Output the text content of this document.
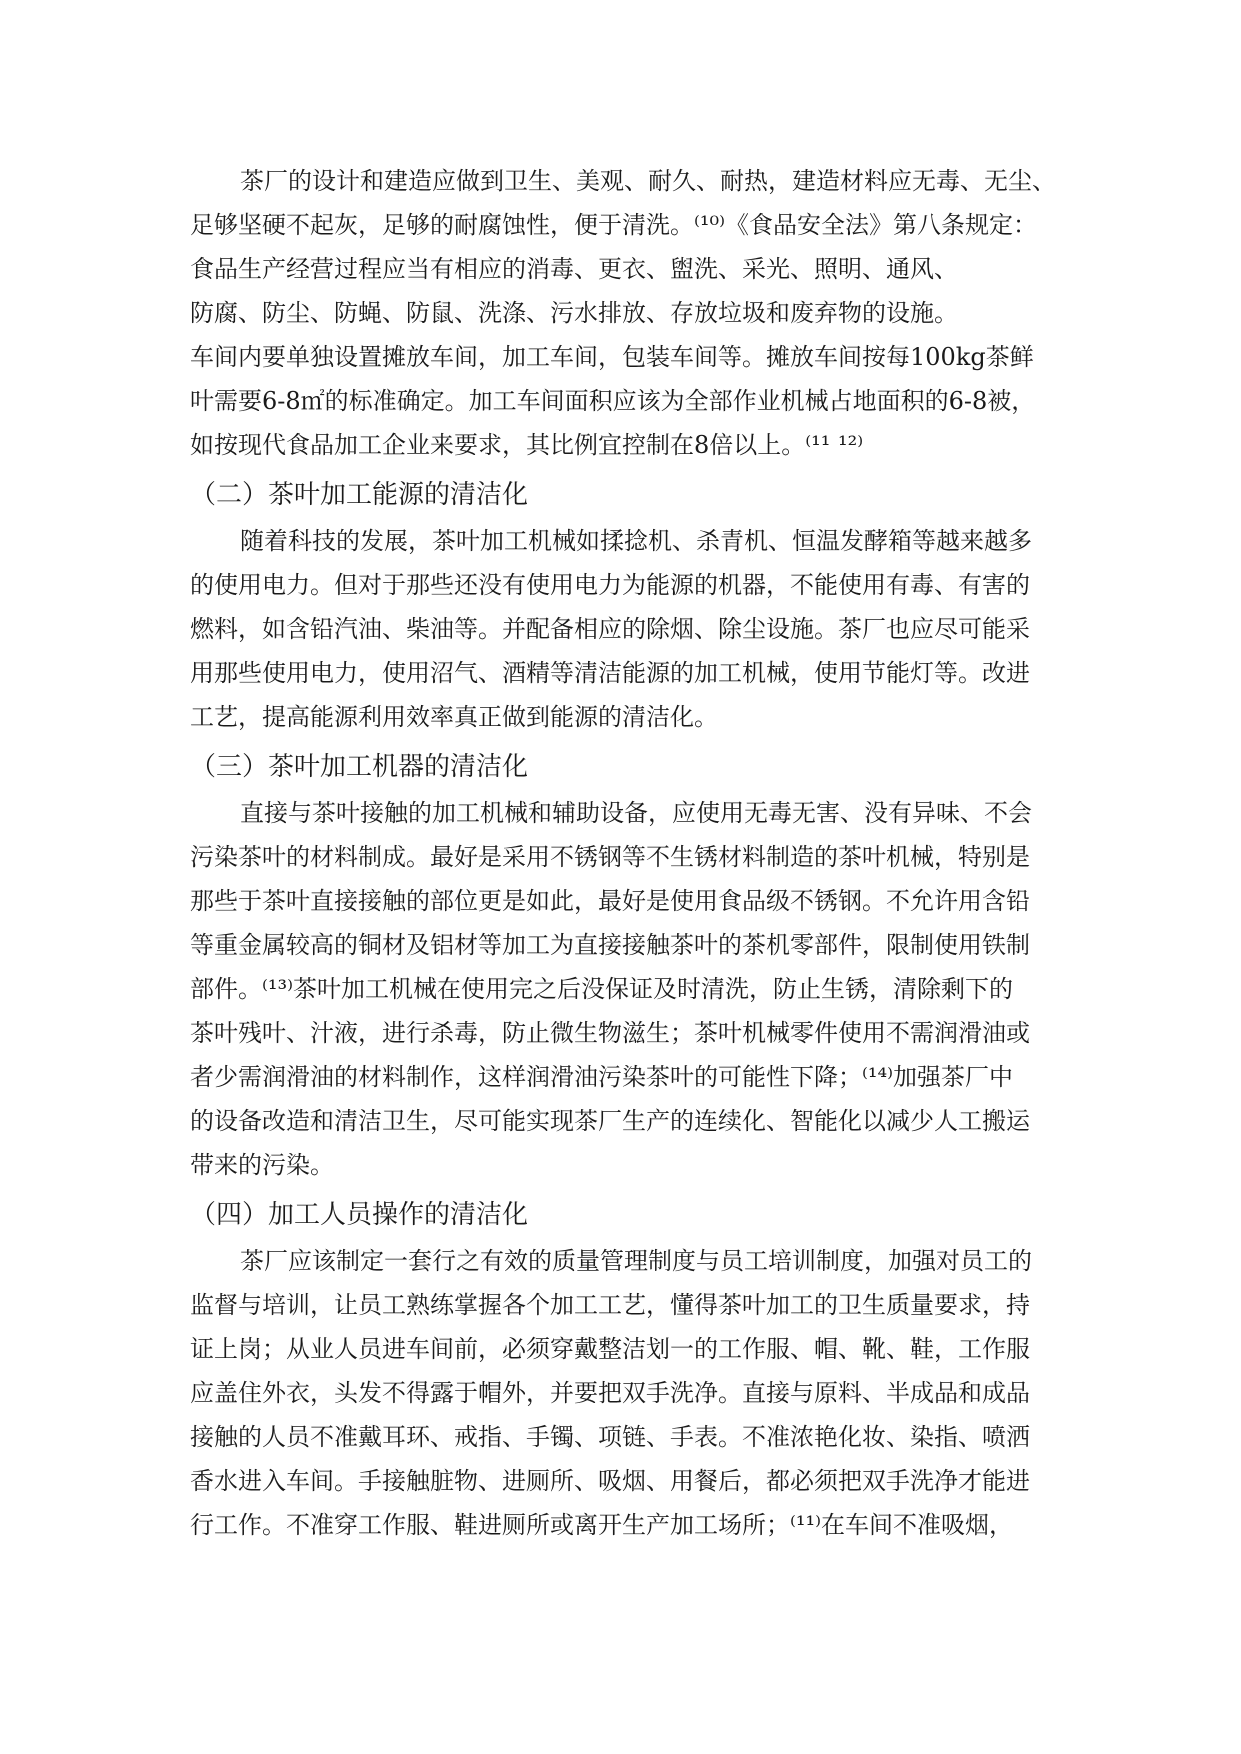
茶厂的设计和建造应做到卫生、美观、耐久、耐热，建造材料应无毒、无尘、
足够坚硬不起灰，足够的耐腐蚀性，便于清洗。⁽¹⁰⁾《食品安全法》第八条规定：
食品生产经营过程应当有相应的消毒、更衣、盥洗、采光、照明、通风、
防腐、防尘、防蝇、防鼠、洗涤、污水排放、存放垃圾和废弃物的设施。
车间内要单独设置摊放车间，加工车间，包装车间等。摊放车间按每100kg茶鲜
叶需要6-8㎡的标准确定。加工车间面积应该为全部作业机械占地面积的6-8被，
如按现代食品加工企业来要求，其比例宜控制在8倍以上。⁽¹¹ ¹²⁾
（二）茶叶加工能源的清洁化
随着科技的发展，茶叶加工机械如揉捻机、杀青机、恒温发酵箱等越来越多
的使用电力。但对于那些还没有使用电力为能源的机器，不能使用有毒、有害的
燃料，如含铅汽油、柴油等。并配备相应的除烟、除尘设施。茶厂也应尽可能采
用那些使用电力，使用沼气、酒精等清洁能源的加工机械，使用节能灯等。改进
工艺，提高能源利用效率真正做到能源的清洁化。
（三）茶叶加工机器的清洁化
直接与茶叶接触的加工机械和辅助设备，应使用无毒无害、没有异味、不会
污染茶叶的材料制成。最好是采用不锈钢等不生锈材料制造的茶叶机械，特别是
那些于茶叶直接接触的部位更是如此，最好是使用食品级不锈钢。不允许用含铅
等重金属较高的铜材及铝材等加工为直接接触茶叶的茶机零部件，限制使用铁制
部件。⁽¹³⁾茶叶加工机械在使用完之后没保证及时清洗，防止生锈，清除剩下的
茶叶残叶、汁液，进行杀毒，防止微生物滋生；茶叶机械零件使用不需润滑油或
者少需润滑油的材料制作，这样润滑油污染茶叶的可能性下降；⁽¹⁴⁾加强茶厂中
的设备改造和清洁卫生，尽可能实现茶厂生产的连续化、智能化以减少人工搬运
带来的污染。
（四）加工人员操作的清洁化
茶厂应该制定一套行之有效的质量管理制度与员工培训制度，加强对员工的
监督与培训，让员工熟练掌握各个加工工艺，懂得茶叶加工的卫生质量要求，持
证上岗；从业人员进车间前，必须穿戴整洁划一的工作服、帽、靴、鞋，工作服
应盖住外衣，头发不得露于帽外，并要把双手洗净。直接与原料、半成品和成品
接触的人员不准戴耳环、戒指、手镯、项链、手表。不准浓艳化妆、染指、喷洒
香水进入车间。手接触脏物、进厕所、吸烟、用餐后，都必须把双手洗净才能进
行工作。不准穿工作服、鞋进厕所或离开生产加工场所；⁽¹¹⁾在车间不准吸烟，
